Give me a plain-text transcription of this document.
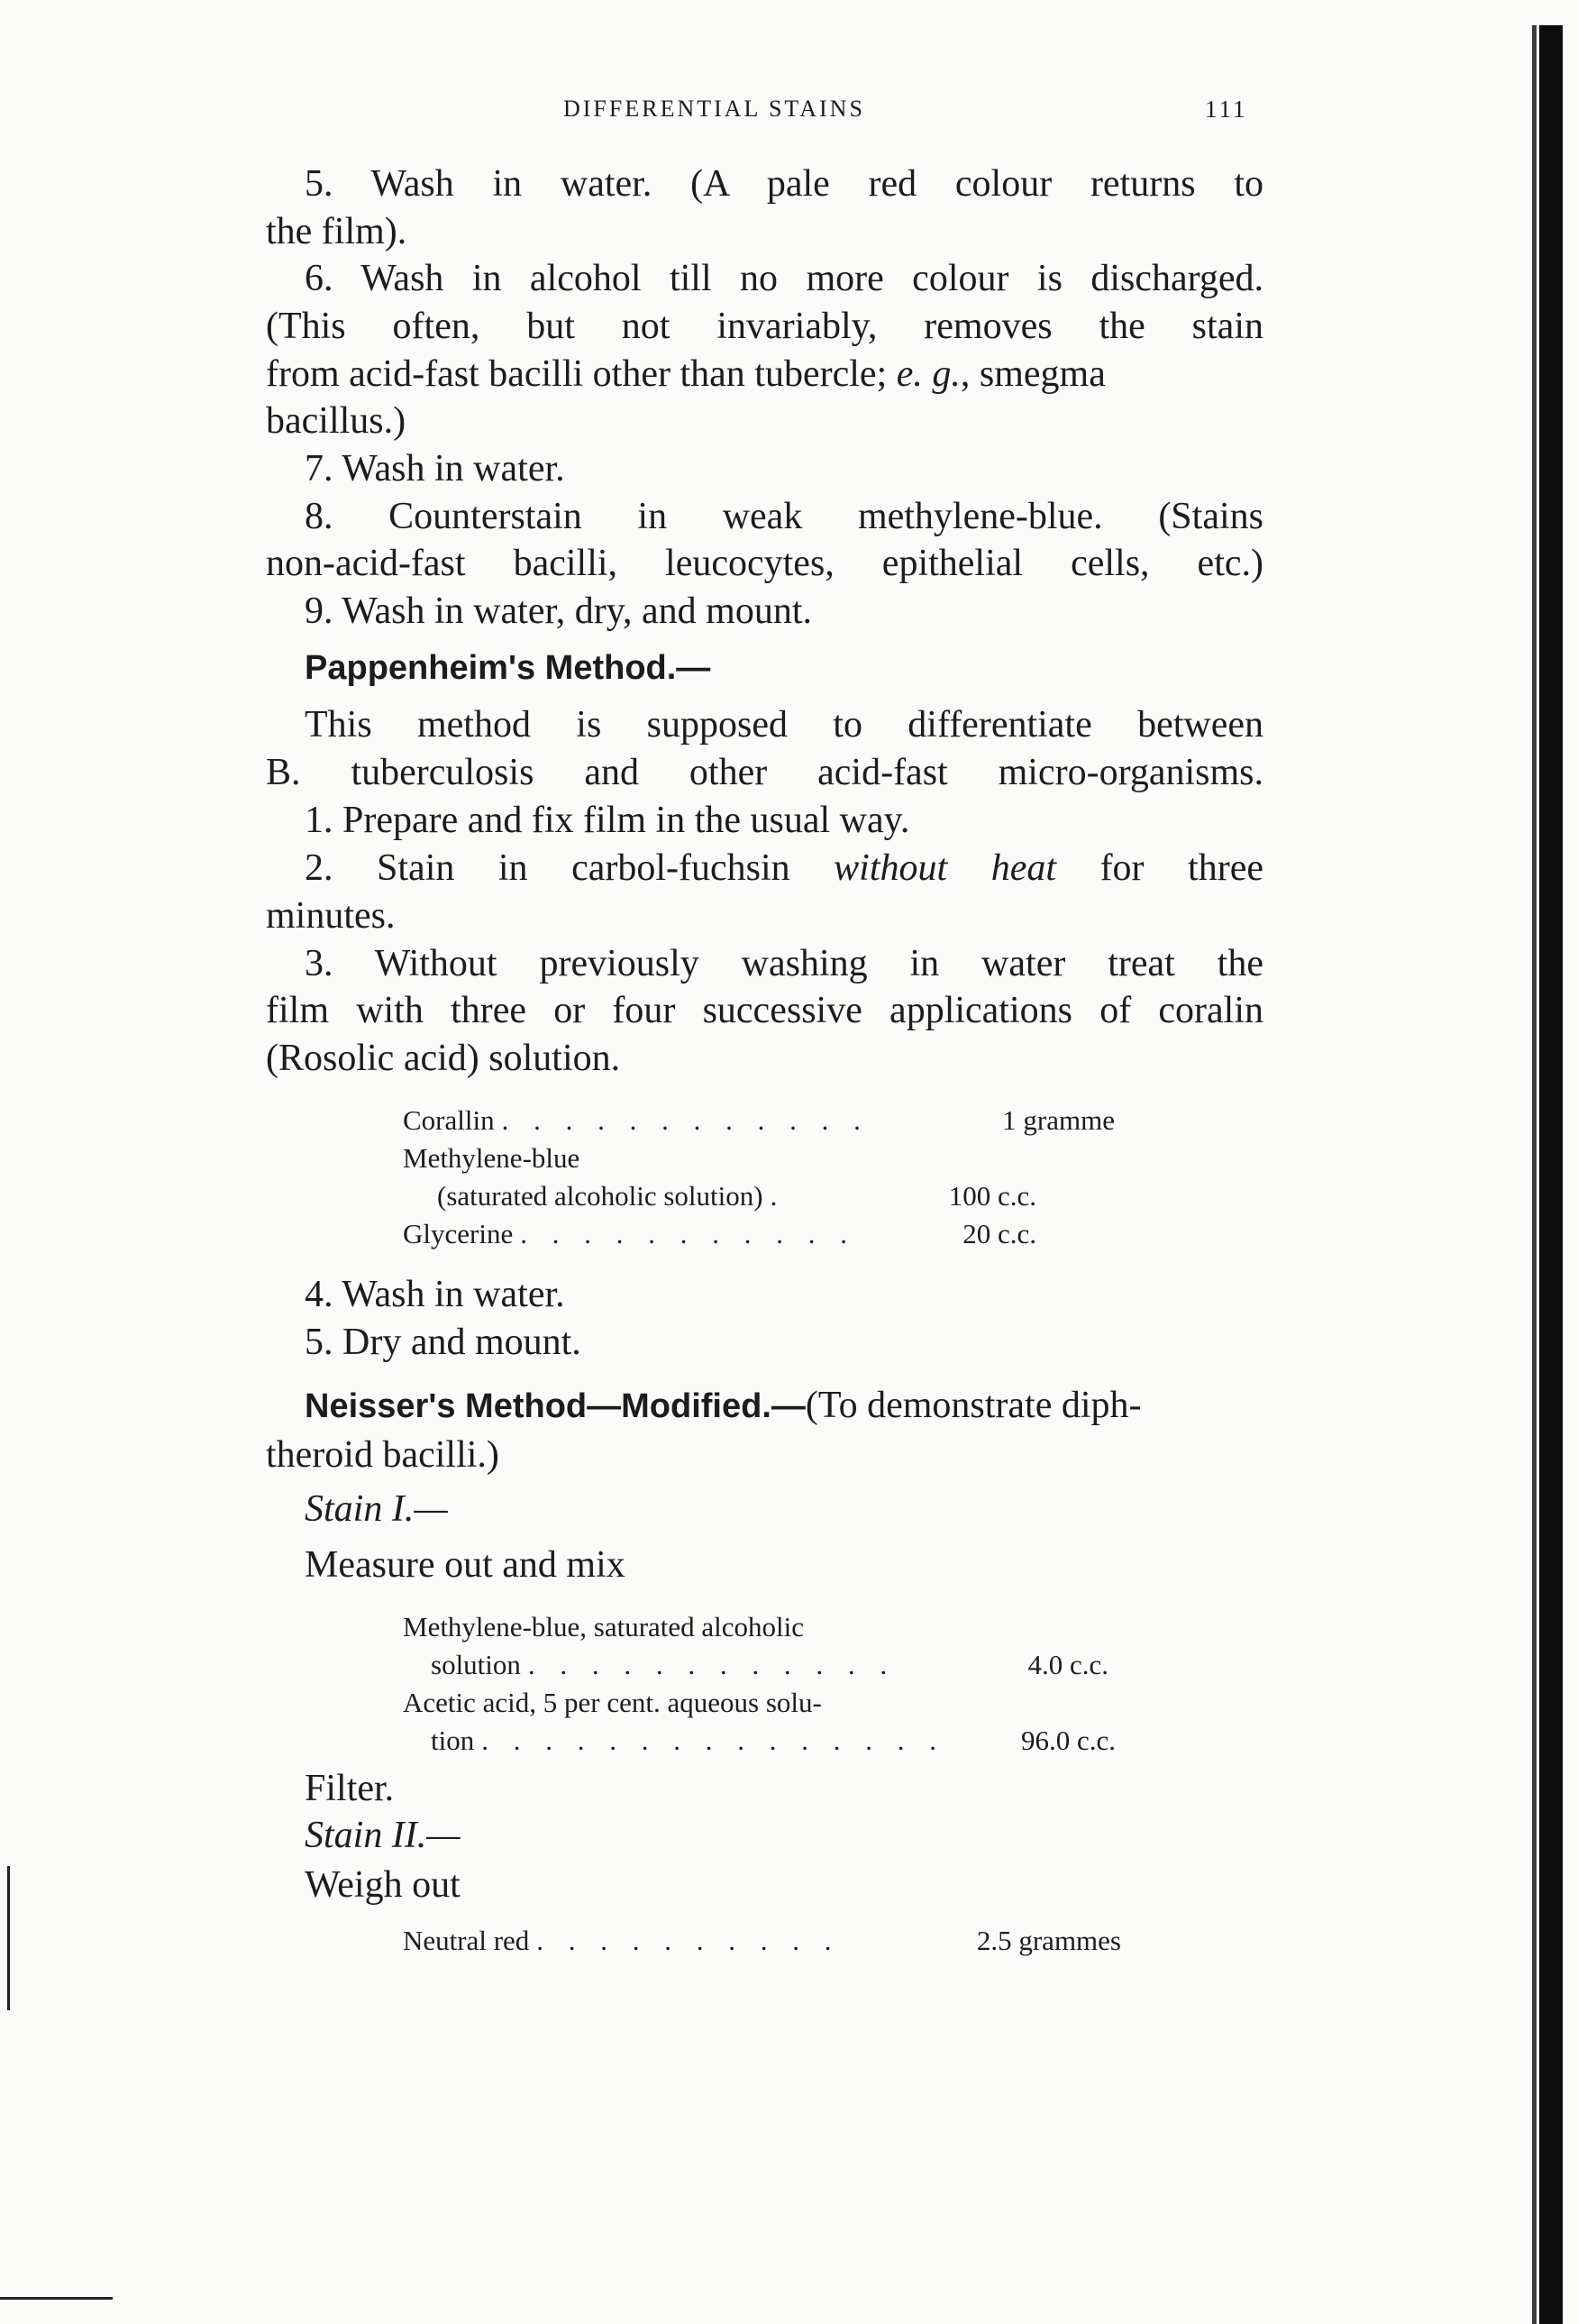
DIFFERENTIAL STAINS	111

5. Wash in water. (A pale red colour returns to

the film).

6. Wash in alcohol till no more colour is discharged.

(This often, but not invariably, removes the stain

from acid-fast bacilli other than tubercle; e. g., smegma

bacillus.)

7. Wash in water.

8. Counterstain in weak methylene-blue. (Stains

non-acid-fast bacilli, leucocytes, epithelial cells, etc.)

9. Wash in water, dry, and mount.

Pappenheim's Method.—

This method is supposed to differentiate between

B. tuberculosis and other acid-fast micro-organisms.

1. Prepare and fix film in the usual way.

2. Stain in carbol-fuchsin without heat for three

minutes.

3. Without previously washing in water treat the

film with three or four successive applications of coralin

(Rosolic acid) solution.

Corallin . . . . . . . . . . . .	1 gramme
Methylene-blue
(saturated alcoholic solution) .	100 c.c.
Glycerine . . . . . . . . . . .	20 c.c.

4. Wash in water.

5. Dry and mount.

Neisser's Method—Modified.—(To demonstrate diph-

theroid bacilli.)

Stain I.—

Measure out and mix

Methylene-blue, saturated alcoholic
solution . . . . . . . . . . . .	4.0 c.c.
Acetic acid, 5 per cent. aqueous solu-
tion . . . . . . . . . . . . . . .	96.0 c.c.

Filter.

Stain II.—

Weigh out

Neutral red . . . . . . . . . .	2.5 grammes
